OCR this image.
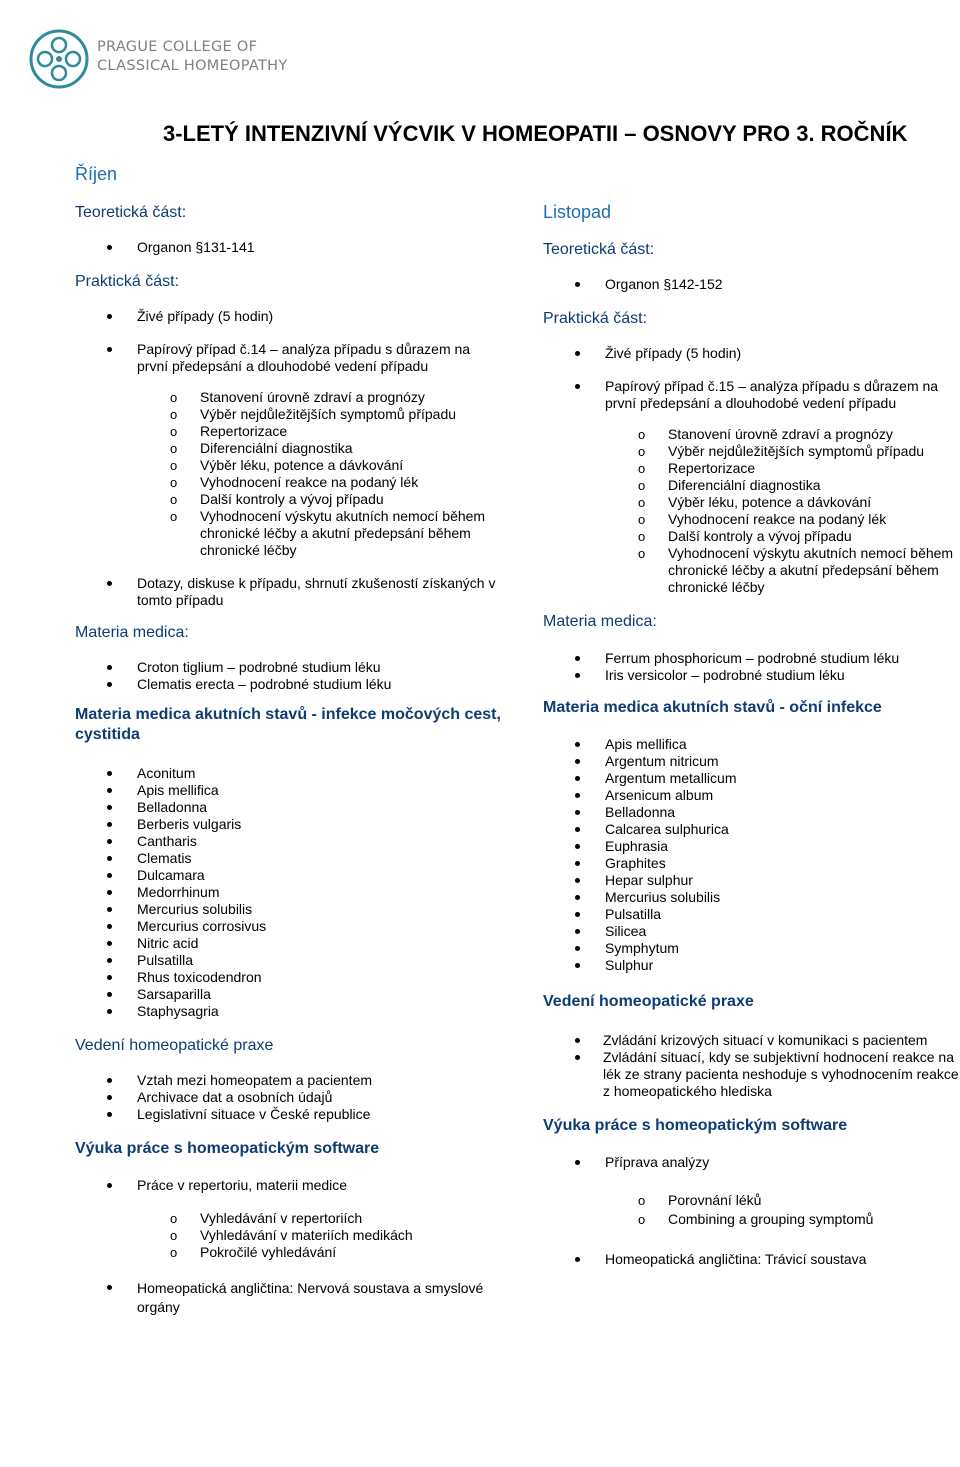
PRAGUE COLLEGE OF
CLASSICAL HOMEOPATHY
3-LETÝ INTENZIVNÍ VÝCVIK V HOMEOPATII – OSNOVY PRO 3. ROČNÍK
Říjen
Listopad
Teoretická část:
Organon §131-141
Praktická část:
Živé případy (5 hodin)
Papírový případ č.14 – analýza případu s důrazem na první předepsání a dlouhodobé vedení případu
o Stanovení úrovně zdraví a prognózy
o Výběr nejdůležitějších symptomů případu
o Repertorizace
o Diferenciální diagnostika
o Výběr léku, potence a dávkování
o Vyhodnocení reakce na podaný lék
o Další kontroly a vývoj případu
o Vyhodnocení výskytu akutních nemocí během chronické léčby a akutní předepsání během chronické léčby
Dotazy, diskuse k případu, shrnutí zkušeností získaných v tomto případu
Materia medica:
Croton tiglium – podrobné studium léku
Clematis erecta – podrobné studium léku
Materia medica akutních stavů - infekce močových cest, cystitida
Aconitum
Apis mellifica
Belladonna
Berberis vulgaris
Cantharis
Clematis
Dulcamara
Medorrhinum
Mercurius solubilis
Mercurius corrosivus
Nitric acid
Pulsatilla
Rhus toxicodendron
Sarsaparilla
Staphysagria
Vedení homeopatické praxe
Vztah mezi homeopatem a pacientem
Archivace dat a osobních údajů
Legislativní situace v České republice
Výuka práce s homeopatickým software
Práce v repertoriu, materii medice
o Vyhledávání v repertoriích
o Vyhledávání v materiích medikách
o Pokročilé vyhledávání
Homeopatická angličtina: Nervová soustava a smyslové orgány
Teoretická část:
Organon §142-152
Praktická část:
Živé případy (5 hodin)
Papírový případ č.15 – analýza případu s důrazem na první předepsání a dlouhodobé vedení případu
o Stanovení úrovně zdraví a prognózy
o Výběr nejdůležitějších symptomů případu
o Repertorizace
o Diferenciální diagnostika
o Výběr léku, potence a dávkování
o Vyhodnocení reakce na podaný lék
o Další kontroly a vývoj případu
o Vyhodnocení výskytu akutních nemocí během chronické léčby a akutní předepsání během chronické léčby
Materia medica:
Ferrum phosphoricum – podrobné studium léku
Iris versicolor – podrobné studium léku
Materia medica akutních stavů - oční infekce
Apis mellifica
Argentum nitricum
Argentum metallicum
Arsenicum album
Belladonna
Calcarea sulphurica
Euphrasia
Graphites
Hepar sulphur
Mercurius solubilis
Pulsatilla
Silicea
Symphytum
Sulphur
Vedení homeopatické praxe
Zvládání krizových situací v komunikaci s pacientem
Zvládání situací, kdy se subjektivní hodnocení reakce na lék ze strany pacienta neshoduje s vyhodnocením reakce z homeopatického hlediska
Výuka práce s homeopatickým software
Příprava analýzy
o Porovnání léků
o Combining a grouping symptomů
Homeopatická angličtina: Trávicí soustava
